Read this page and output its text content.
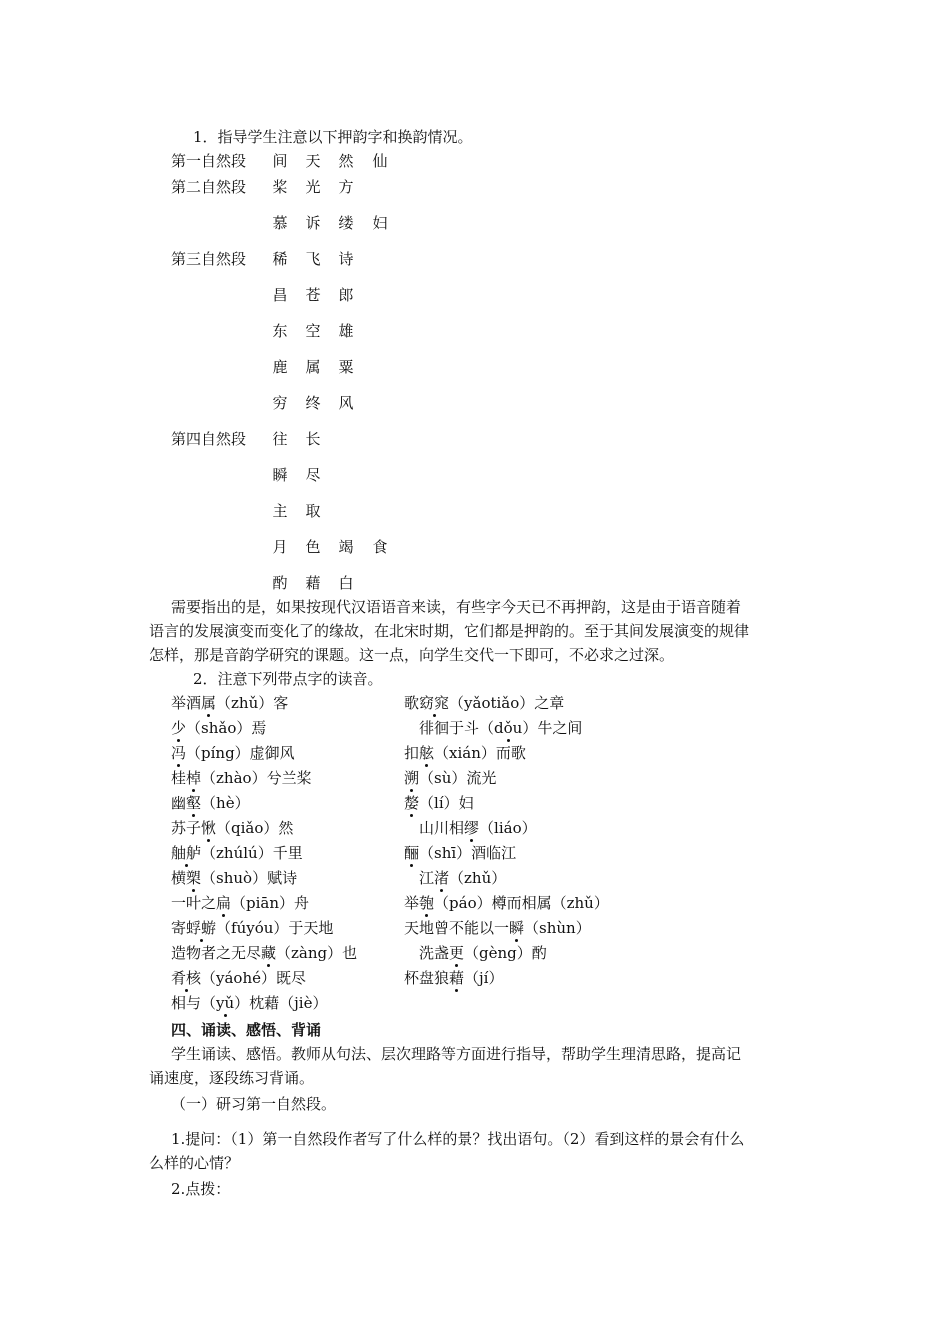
1．指导学生注意以下押韵字和换韵情况。
第一自然段 间 天 然 仙
第二自然段 桨 光 方
慕 诉 缕 妇
第三自然段 稀 飞 诗
昌 苍 郎
东 空 雄
鹿 属 粟
穷 终 风
第四自然段 往 长
瞬 尽
主 取
月 色 竭 食
酌 藉 白
需要指出的是，如果按现代汉语语音来读，有些字今天已不再押韵，这是由于语音随着
语言的发展演变而变化了的缘故，在北宋时期，它们都是押韵的。至于其间发展演变的规律
怎样，那是音韵学研究的课题。这一点，向学生交代一下即可，不必求之过深。
2．注意下列带点字的读音。
举酒属（zhǔ）客
少（shǎo）焉
冯（píng）虚御风
桂棹（zhào）兮兰桨
幽壑（hè）
苏子愀（qiǎo）然
舳舻（zhúlú）千里
横槊（shuò）赋诗
一叶之扁（piān）舟
寄蜉蝣（fúyóu）于天地
造物者之无尽藏（zàng）也
肴核（yáohé）既尽
相与（yǔ）枕藉（jiè）
歌窈窕（yǎotiǎo）之章
　徘徊于斗（dǒu）牛之间
扣舷（xián）而歌
溯（sù）流光
嫠（lí）妇
　山川相缪（liáo）
酾（shī）酒临江
　江渚（zhǔ）
举匏（páo）樽而相属（zhǔ）
天地曾不能以一瞬（shùn）
　洗盏更（gèng）酌
杯盘狼藉（jí）
四、诵读、感悟、背诵
学生诵读、感悟。教师从句法、层次理路等方面进行指导，帮助学生理清思路，提高记
诵速度，逐段练习背诵。
（一）研习第一自然段。
1.提问：（1）第一自然段作者写了什么样的景？找出语句。（2）看到这样的景会有什么
么样的心情？
2.点拨：
